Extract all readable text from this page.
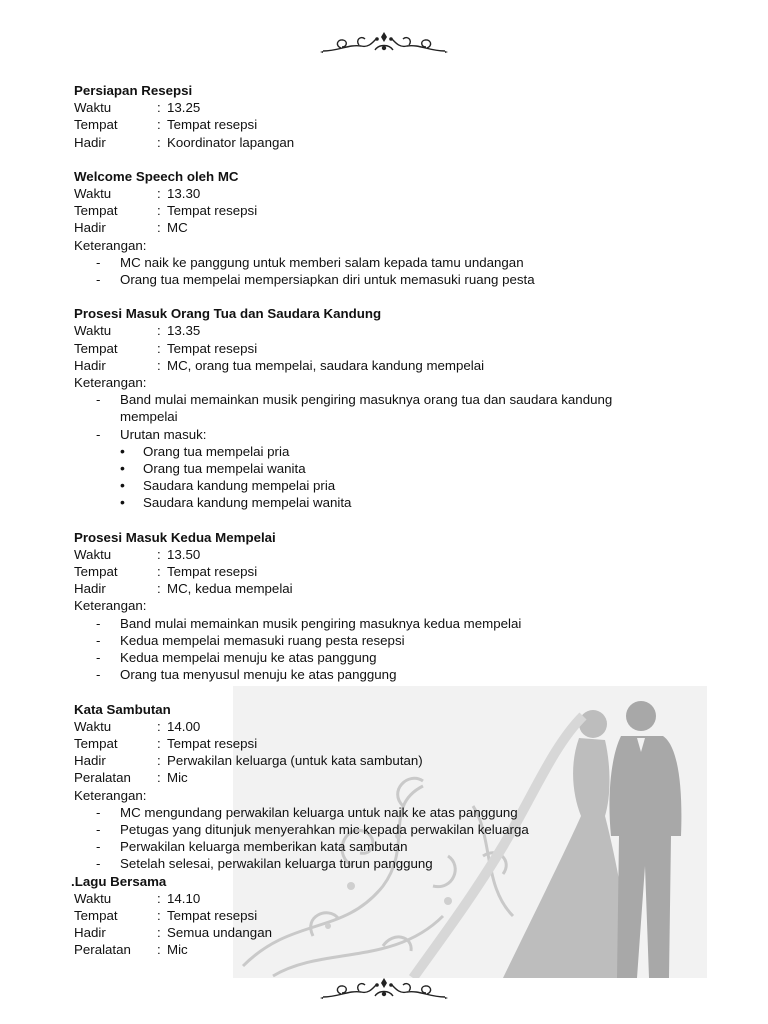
Persiapan Resepsi
Waktu	: 13.25
Tempat	: Tempat resepsi
Hadir	: Koordinator lapangan
Welcome Speech oleh MC
Waktu	: 13.30
Tempat	: Tempat resepsi
Hadir	: MC
Keterangan:
- MC naik ke panggung untuk memberi salam kepada tamu undangan
- Orang tua mempelai mempersiapkan diri untuk memasuki ruang pesta
Prosesi Masuk Orang Tua dan Saudara Kandung
Waktu	: 13.35
Tempat	: Tempat resepsi
Hadir	: MC, orang tua mempelai, saudara kandung mempelai
Keterangan:
- Band mulai memainkan musik pengiring masuknya orang tua dan saudara kandung mempelai
- Urutan masuk:
• Orang tua mempelai pria
• Orang tua mempelai wanita
• Saudara kandung mempelai pria
• Saudara kandung mempelai wanita
Prosesi Masuk Kedua Mempelai
Waktu	: 13.50
Tempat	: Tempat resepsi
Hadir	: MC, kedua mempelai
Keterangan:
- Band mulai memainkan musik pengiring masuknya kedua mempelai
- Kedua mempelai memasuki ruang pesta resepsi
- Kedua mempelai menuju ke atas panggung
- Orang tua menyusul menuju ke atas panggung
Kata Sambutan
Waktu	: 14.00
Tempat	: Tempat resepsi
Hadir	: Perwakilan keluarga (untuk kata sambutan)
Peralatan : Mic
Keterangan:
- MC mengundang perwakilan keluarga untuk naik ke atas panggung
- Petugas yang ditunjuk menyerahkan mic kepada perwakilan keluarga
- Perwakilan keluarga memberikan kata sambutan
- Setelah selesai, perwakilan keluarga turun panggung
.Lagu Bersama
Waktu	: 14.10
Tempat	: Tempat resepsi
Hadir	: Semua undangan
Peralatan : Mic
